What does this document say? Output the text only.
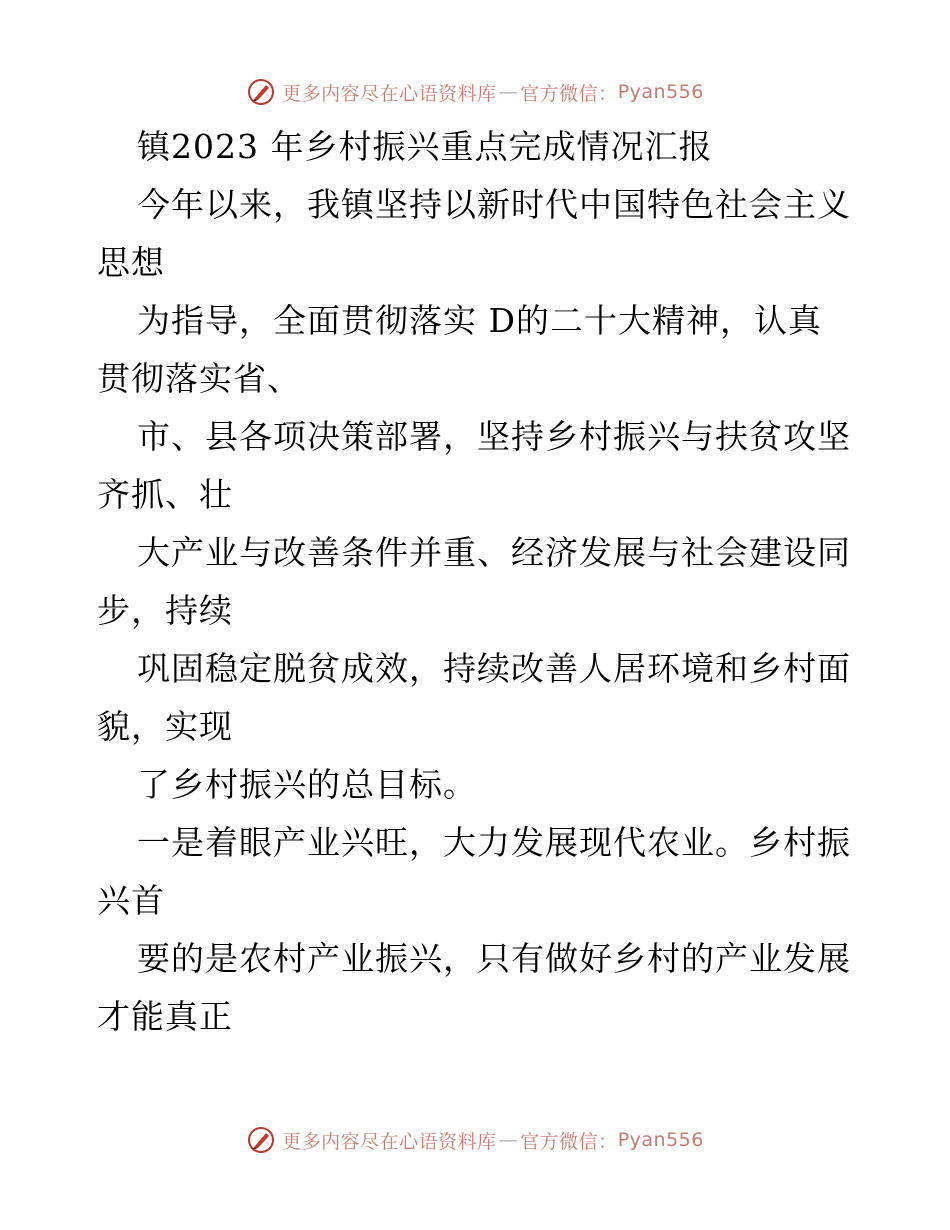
更多内容尽在心语资料库 — 官方微信： Pyan556
镇2023 年乡村振兴重点完成情况汇报
今年以来，我镇坚持以新时代中国特色社会主义
思想
为指导，全面贯彻落实 D的二十大精神，认真
贯彻落实省、
市、县各项决策部署，坚持乡村振兴与扶贫攻坚
齐抓、壮
大产业与改善条件并重、经济发展与社会建设同
步，持续
巩固稳定脱贫成效，持续改善人居环境和乡村面
貌，实现
了乡村振兴的总目标。
一是着眼产业兴旺，大力发展现代农业。乡村振
兴首
要的是农村产业振兴，只有做好乡村的产业发展
才能真正
更多内容尽在心语资料库 — 官方微信： Pyan556
